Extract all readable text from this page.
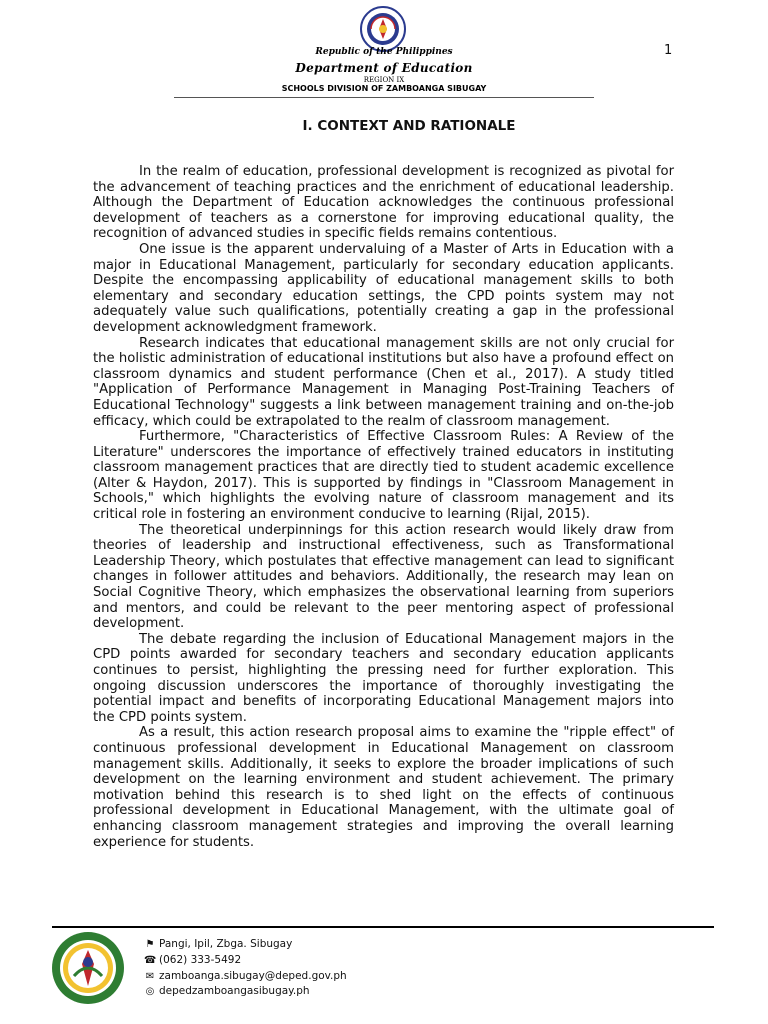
1
Republic of the Philippines
Department of Education
REGION IX
SCHOOLS DIVISION OF ZAMBOANGA SIBUGAY
I. CONTEXT AND RATIONALE

In the realm of education, professional development is recognized as pivotal for the advancement of teaching practices and the enrichment of educational leadership. Although the Department of Education acknowledges the continuous professional development of teachers as a cornerstone for improving educational quality, the recognition of advanced studies in specific fields remains contentious.

One issue is the apparent undervaluing of a Master of Arts in Education with a major in Educational Management, particularly for secondary education applicants. Despite the encompassing applicability of educational management skills to both elementary and secondary education settings, the CPD points system may not adequately value such qualifications, potentially creating a gap in the professional development acknowledgment framework.

Research indicates that educational management skills are not only crucial for the holistic administration of educational institutions but also have a profound effect on classroom dynamics and student performance (Chen et al., 2017). A study titled "Application of Performance Management in Managing Post-Training Teachers of Educational Technology" suggests a link between management training and on-the-job efficacy, which could be extrapolated to the realm of classroom management.

Furthermore, "Characteristics of Effective Classroom Rules: A Review of the Literature" underscores the importance of effectively trained educators in instituting classroom management practices that are directly tied to student academic excellence (Alter & Haydon, 2017). This is supported by findings in "Classroom Management in Schools," which highlights the evolving nature of classroom management and its critical role in fostering an environment conducive to learning (Rijal, 2015).

The theoretical underpinnings for this action research would likely draw from theories of leadership and instructional effectiveness, such as Transformational Leadership Theory, which postulates that effective management can lead to significant changes in follower attitudes and behaviors. Additionally, the research may lean on Social Cognitive Theory, which emphasizes the observational learning from superiors and mentors, and could be relevant to the peer mentoring aspect of professional development.

The debate regarding the inclusion of Educational Management majors in the CPD points awarded for secondary teachers and secondary education applicants continues to persist, highlighting the pressing need for further exploration. This ongoing discussion underscores the importance of thoroughly investigating the potential impact and benefits of incorporating Educational Management majors into the CPD points system.

As a result, this action research proposal aims to examine the "ripple effect" of continuous professional development in Educational Management on classroom management skills. Additionally, it seeks to explore the broader implications of such development on the learning environment and student achievement. The primary motivation behind this research is to shed light on the effects of continuous professional development in Educational Management, with the ultimate goal of enhancing classroom management strategies and improving the overall learning experience for students.

⚑ Pangi, Ipil, Zbga. Sibugay
☎ (062) 333-5492
✉ zamboanga.sibugay@deped.gov.ph
◎ depedzamboangasibugay.ph
